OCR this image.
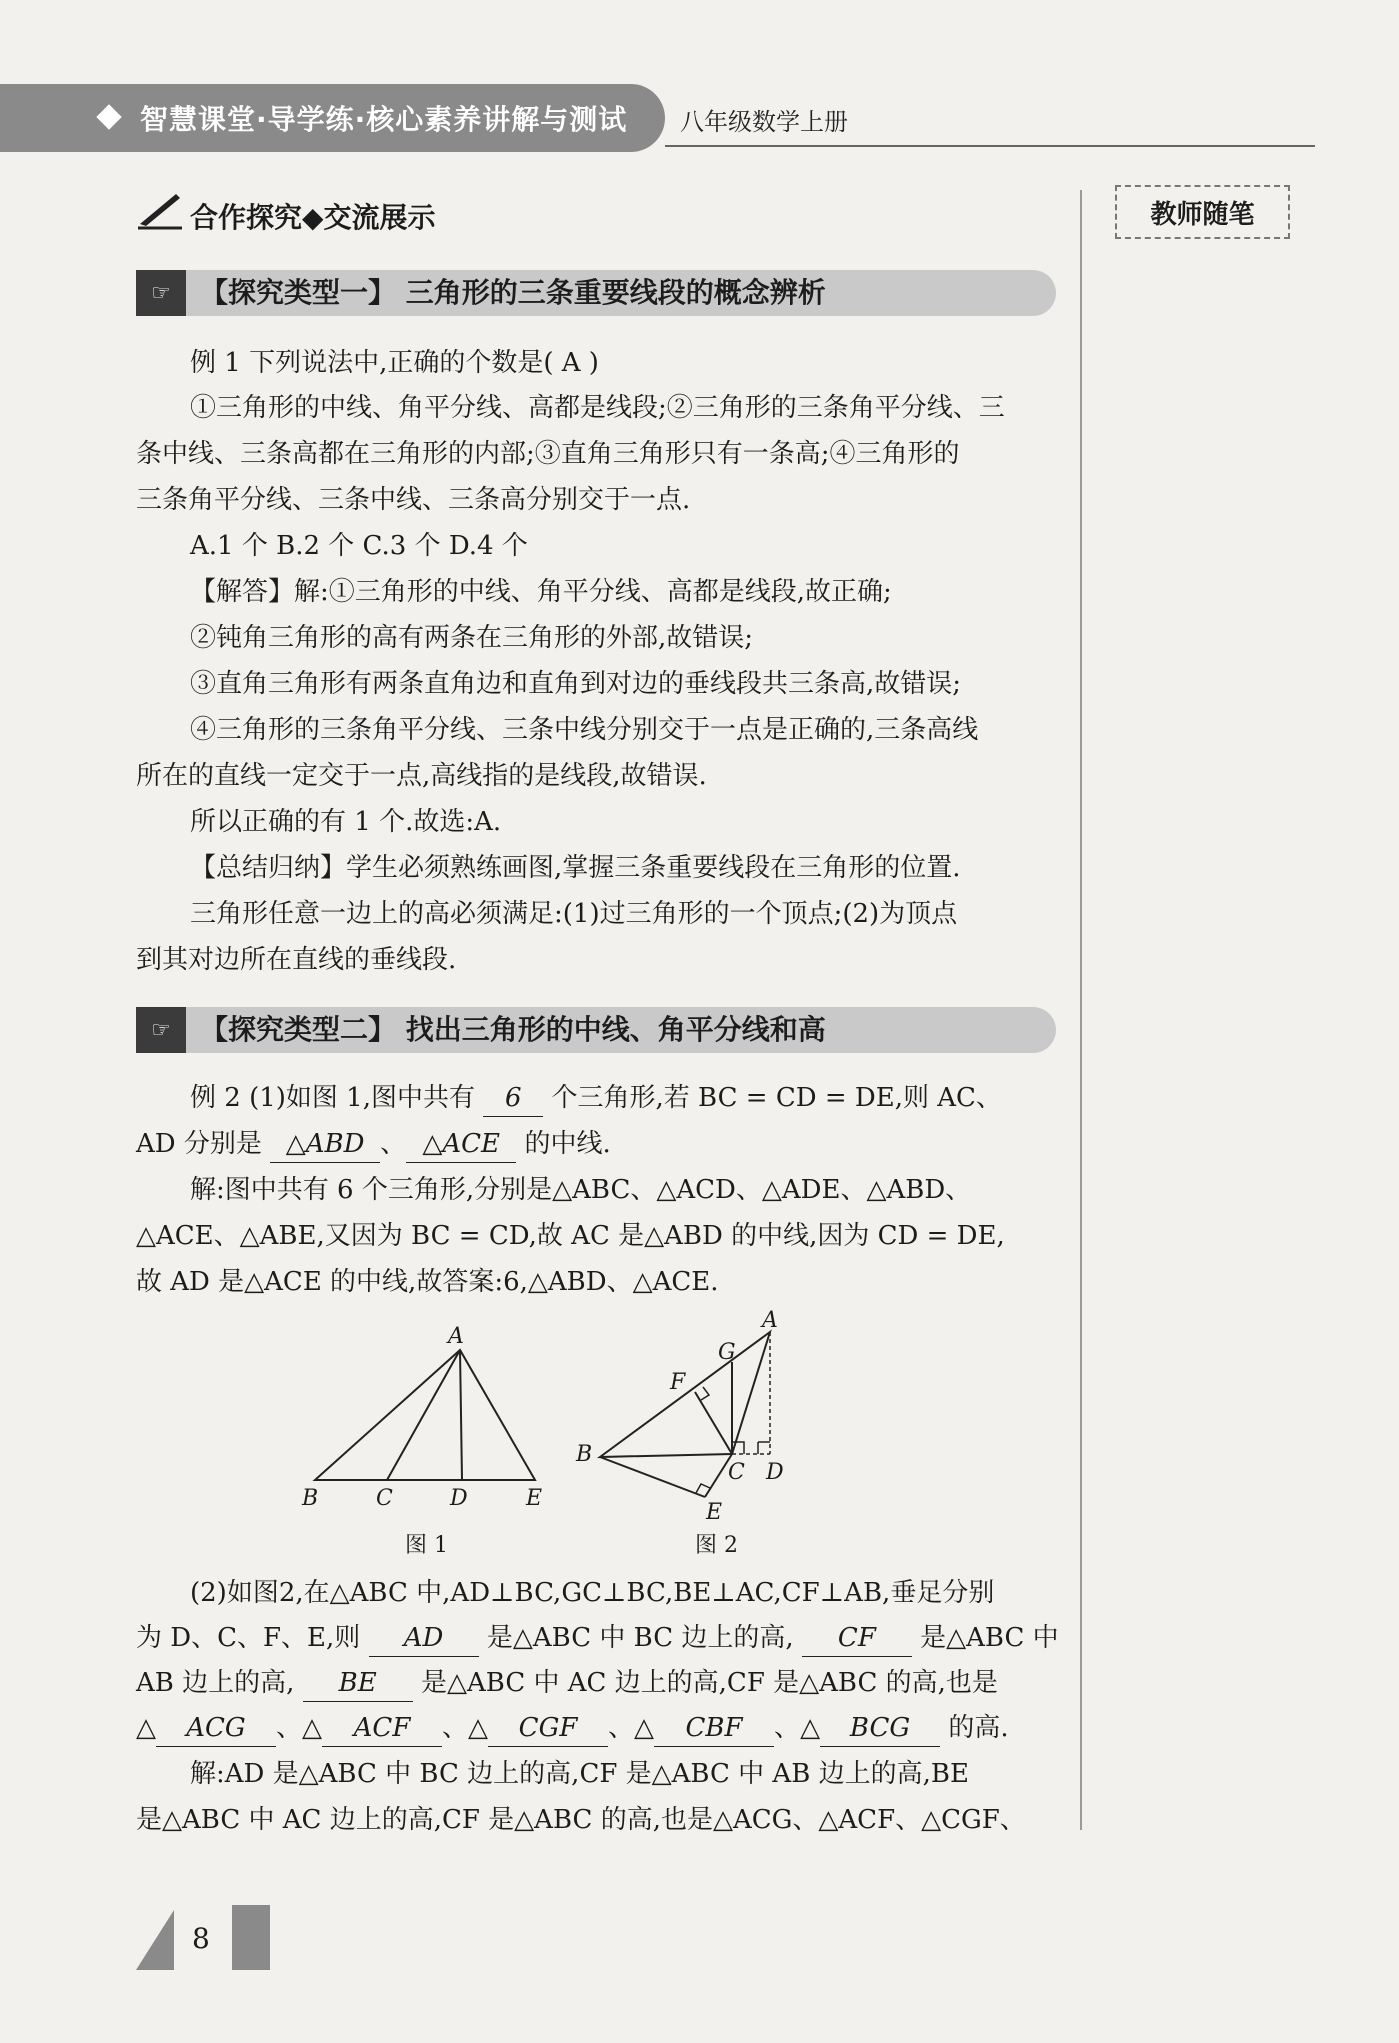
智慧课堂·导学练·核心素养讲解与测试 八年级数学上册
教师随笔
合作探究◆交流展示
☞	【探究类型一】 三角形的三条重要线段的概念辨析
例 1 下列说法中,正确的个数是( A )
①三角形的中线、角平分线、高都是线段;②三角形的三条角平分线、三
条中线、三条高都在三角形的内部;③直角三角形只有一条高;④三角形的
三条角平分线、三条中线、三条高分别交于一点.
A.1 个 B.2 个 C.3 个 D.4 个
【解答】解:①三角形的中线、角平分线、高都是线段,故正确;
②钝角三角形的高有两条在三角形的外部,故错误;
③直角三角形有两条直角边和直角到对边的垂线段共三条高,故错误;
④三角形的三条角平分线、三条中线分别交于一点是正确的,三条高线
所在的直线一定交于一点,高线指的是线段,故错误.
所以正确的有 1 个.故选:A.
【总结归纳】学生必须熟练画图,掌握三条重要线段在三角形的位置.
三角形任意一边上的高必须满足:(1)过三角形的一个顶点;(2)为顶点
到其对边所在直线的垂线段.
☞	【探究类型二】 找出三角形的中线、角平分线和高
例 2 (1)如图 1,图中共有 6 个三角形,若 BC = CD = DE,则 AC、
AD 分别是 △ABD 、 △ACE 的中线.
解:图中共有 6 个三角形,分别是△ABC、△ACD、△ADE、△ABD、
△ACE、△ABE,又因为 BC = CD,故 AC 是△ABD 的中线,因为 CD = DE,
故 AD 是△ACE 的中线,故答案:6,△ABD、△ACE.
A
B	C	D	E
图 1
A
G
F
B
C D
E
图 2
(2)如图2,在△ABC 中,AD⊥BC,GC⊥BC,BE⊥AC,CF⊥AB,垂足分别
为 D、C、F、E,则 AD 是△ABC 中 BC 边上的高, CF 是△ABC 中
AB 边上的高, BE 是△ABC 中 AC 边上的高,CF 是△ABC 的高,也是
△ ACG 、△ ACF 、△ CGF 、△ CBF 、△ BCG 的高.
解:AD 是△ABC 中 BC 边上的高,CF 是△ABC 中 AB 边上的高,BE
是△ABC 中 AC 边上的高,CF 是△ABC 的高,也是△ACG、△ACF、△CGF、
8
